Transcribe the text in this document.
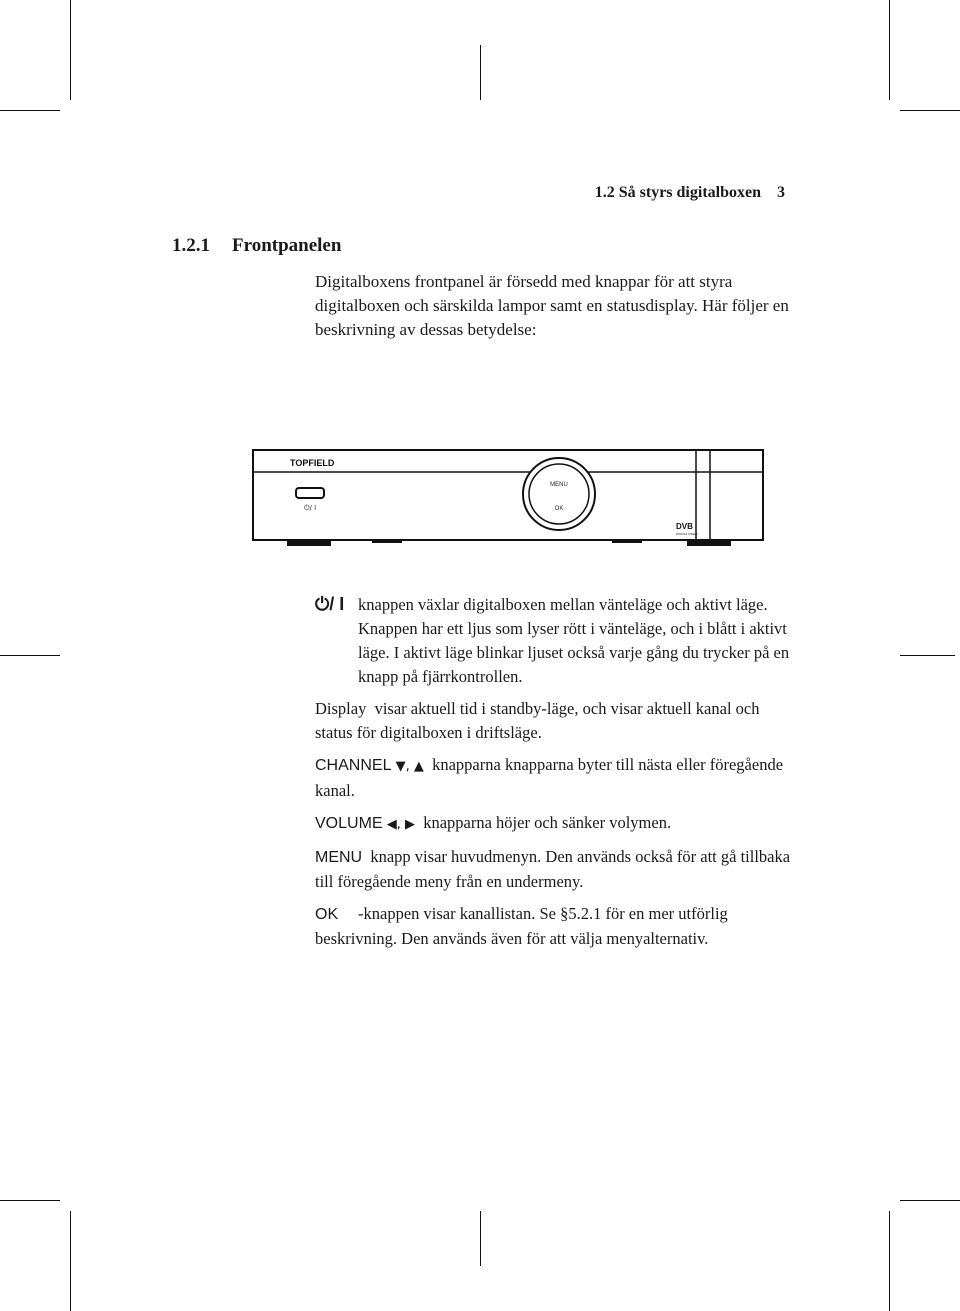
1.2 Så styrs digitalboxen 3
1.2.1 Frontpanelen
Digitalboxens frontpanel är försedd med knappar för att styra digitalboxen och särskilda lampor samt en statusdisplay. Här följer en beskrivning av dessas betydelse:
TOPFIELD
⏻/ I
MENU
OK
DVB
DIGITAL VIDEO
⏻/ I knappen växlar digitalboxen mellan vänteläge och aktivt läge. Knappen har ett ljus som lyser rött i vänteläge, och i blått i aktivt läge. I aktivt läge blinkar ljuset också varje gång du trycker på en knapp på fjärrkontrollen.
Display visar aktuell tid i standby-läge, och visar aktuell kanal och status för digitalboxen i driftsläge.
CHANNEL ▼, ▲ knapparna knapparna byter till nästa eller föregående kanal.
VOLUME ◀, ▶ knapparna höjer och sänker volymen.
MENU knapp visar huvudmenyn. Den används också för att gå tillbaka till föregående meny från en undermeny.
OK -knappen visar kanallistan. Se §5.2.1 för en mer utförlig beskrivning. Den används även för att välja menyalternativ.
